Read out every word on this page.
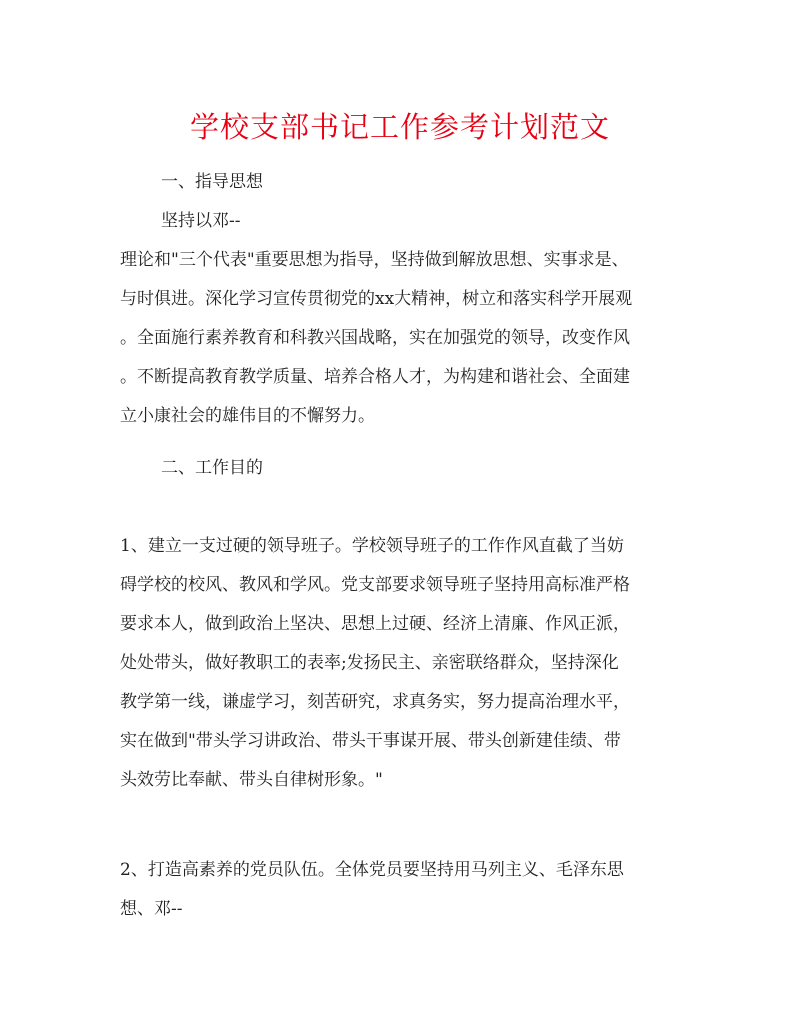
学校支部书记工作参考计划范文
一、指导思想
坚持以邓--
理论和"三个代表"重要思想为指导，坚持做到解放思想、实事求是、
与时俱进。深化学习宣传贯彻党的xx大精神，树立和落实科学开展观
。全面施行素养教育和科教兴国战略，实在加强党的领导，改变作风
。不断提高教育教学质量、培养合格人才，为构建和谐社会、全面建
立小康社会的雄伟目的不懈努力。
二、工作目的
1、建立一支过硬的领导班子。学校领导班子的工作作风直截了当妨
碍学校的校风、教风和学风。党支部要求领导班子坚持用高标准严格
要求本人，做到政治上坚决、思想上过硬、经济上清廉、作风正派，
处处带头，做好教职工的表率;发扬民主、亲密联络群众，坚持深化
教学第一线，谦虚学习，刻苦研究，求真务实，努力提高治理水平，
实在做到"带头学习讲政治、带头干事谋开展、带头创新建佳绩、带
头效劳比奉献、带头自律树形象。"
2、打造高素养的党员队伍。全体党员要坚持用马列主义、毛泽东思
想、邓--
